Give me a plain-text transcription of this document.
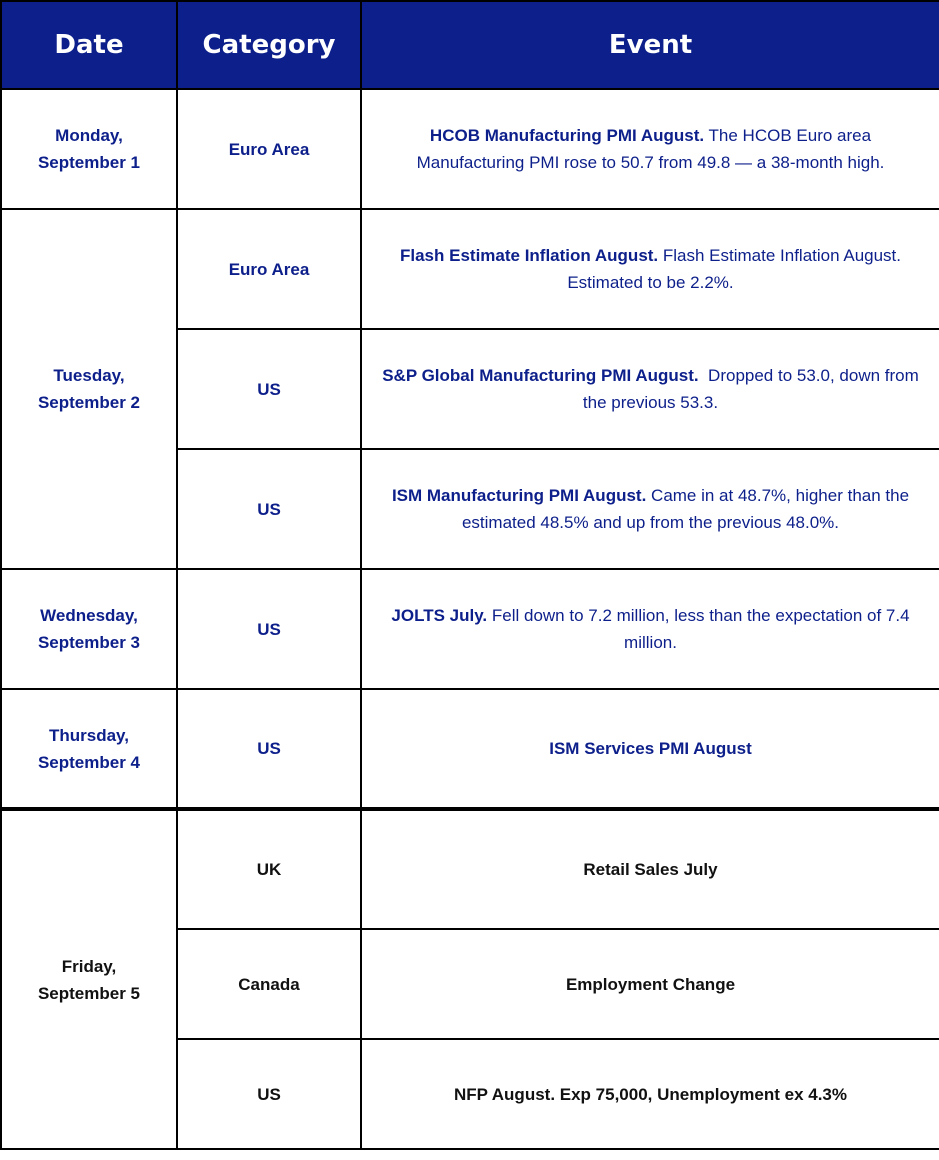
Date	Category	Event
Monday,
September 1	Euro Area	HCOB Manufacturing PMI August. The HCOB Euro area Manufacturing PMI rose to 50.7 from 49.8 — a 38-month high.
Tuesday,
September 2	Euro Area	Flash Estimate Inflation August. Flash Estimate Inflation August. Estimated to be 2.2%.
	US	S&P Global Manufacturing PMI August.  Dropped to 53.0, down from the previous 53.3.
	US	ISM Manufacturing PMI August. Came in at 48.7%, higher than the estimated 48.5% and up from the previous 48.0%.
Wednesday,
September 3	US	JOLTS July. Fell down to 7.2 million, less than the expectation of 7.4 million.
Thursday,
September 4	US	ISM Services PMI August
Friday,
September 5	UK	Retail Sales July
	Canada	Employment Change
	US	NFP August. Exp 75,000, Unemployment ex 4.3%
